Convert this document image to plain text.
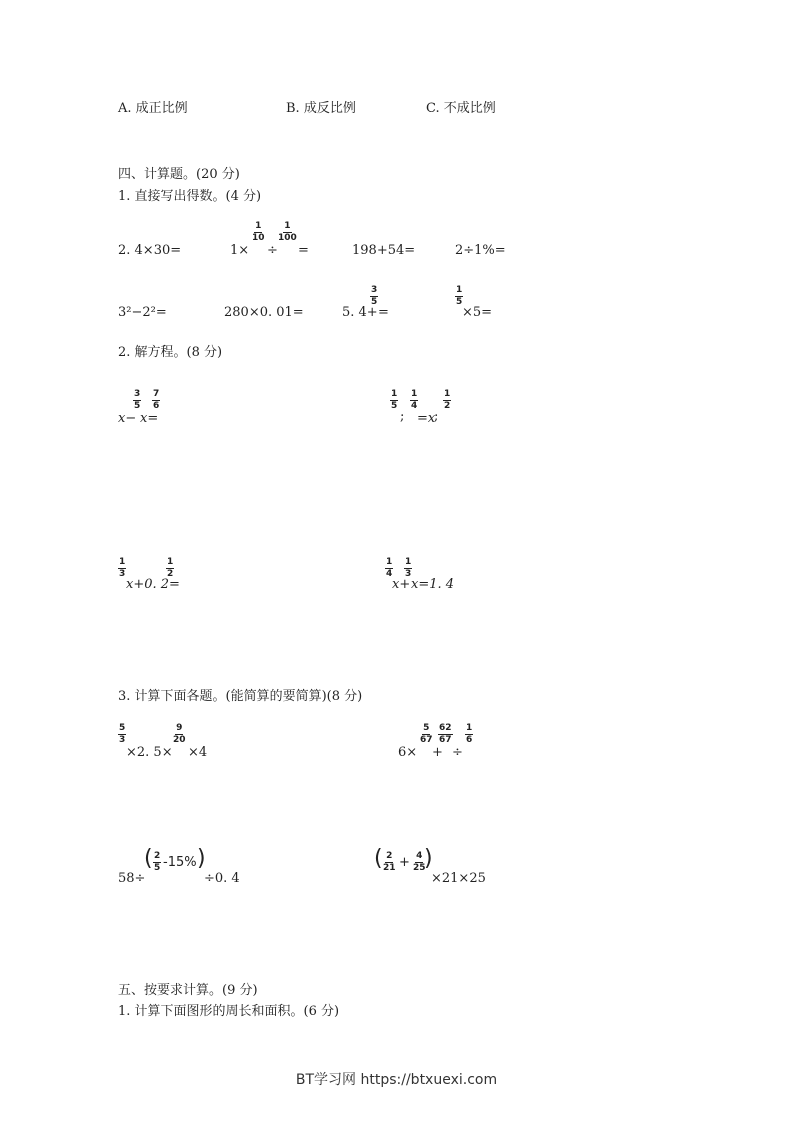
A. 成正比例	B. 成反比例	C. 不成比例
四、计算题。(20 分)
1. 直接写出得数。(4 分)
2. 4×30=	1×
$\frac{1}{10}$
÷
$\frac{1}{100}$
=	198+54=	2÷1%=
3²−2²=	280×0. 01=	5. 4+
$\frac{3}{5}$
=
$\frac{1}{5}$
×5=
2. 解方程。(8 分)
x−
$\frac{3}{5}$
x=
$\frac{7}{6}$	$\frac{1}{5}$
;
$\frac{1}{4}$
=x
;
$\frac{1}{2}$
$\frac{1}{3}$
x+0. 2=
$\frac{1}{2}$	$\frac{1}{4}$
x+
$\frac{1}{3}$
x=1. 4
3. 计算下面各题。(能简算的要简算)(8 分)
$\frac{5}{3}$
×2. 5×
$\frac{9}{20}$
×4	6×
$\frac{5}{67}$
+
$\frac{62}{67}$
÷
$\frac{1}{6}$
58÷
( $\frac{2}{5} -15\%$ )
÷0. 4
( $\frac{2}{21} + \frac{4}{25}$
)
×21×25
五、按要求计算。(9 分)
1. 计算下面图形的周长和面积。(6 分)
BT学习网 https://btxuexi.com
